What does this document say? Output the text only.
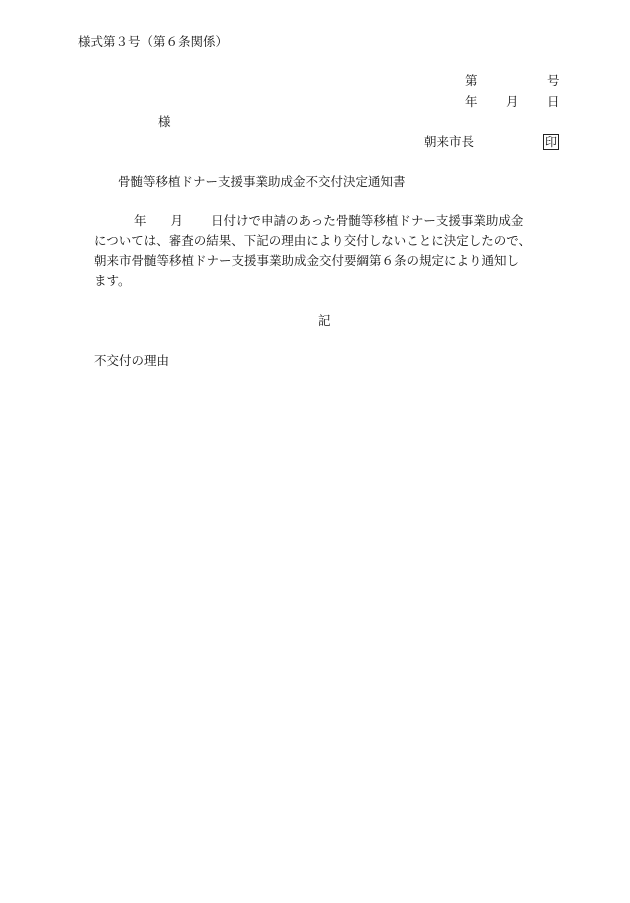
様式第３号（第６条関係）
第	号
年 月 日
様
朝来市長	印
骨髄等移植ドナー支援事業助成金不交付決定通知書
年 月 日付けで申請のあった骨髄等移植ドナー支援事業助成金
については、審査の結果、下記の理由により交付しないことに決定したので、
朝来市骨髄等移植ドナー支援事業助成金交付要綱第６条の規定により通知し
ます。
記
不交付の理由
